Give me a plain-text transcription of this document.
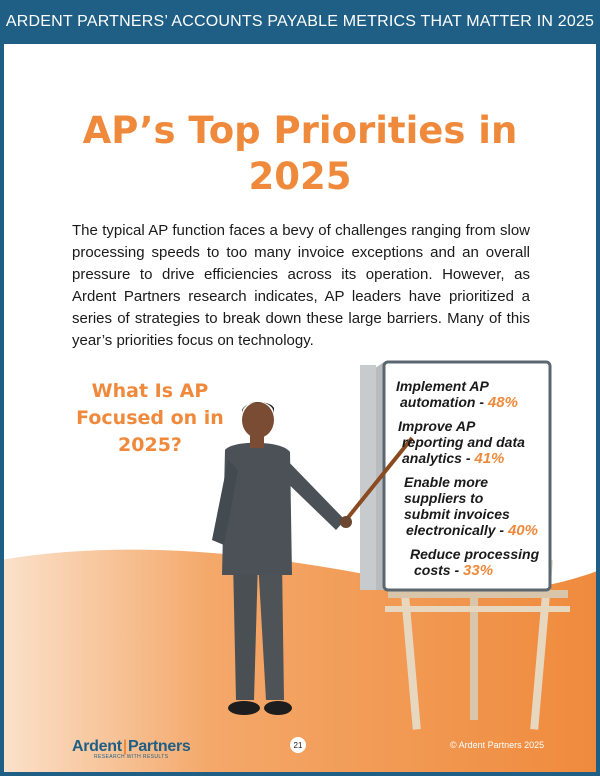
ARDENT PARTNERS’ ACCOUNTS PAYABLE METRICS THAT MATTER IN 2025
AP’s Top Priorities in
2025
The typical AP function faces a bevy of challenges ranging from slow processing speeds to too many invoice exceptions and an overall pressure to drive efficiencies across its operation. However, as Ardent Partners research indicates, AP leaders have prioritized a series of strategies to break down these large barriers. Many of this year’s priorities focus on technology.
What Is AP
Focused on in
2025?
Implement AP
automation - 48%
Improve AP
reporting and data
analytics - 41%
Enable more
suppliers to
submit invoices
electronically - 40%
Reduce processing
costs - 33%
Ardent|Partners
RESEARCH WITH RESULTS
21	© Ardent Partners 2025
